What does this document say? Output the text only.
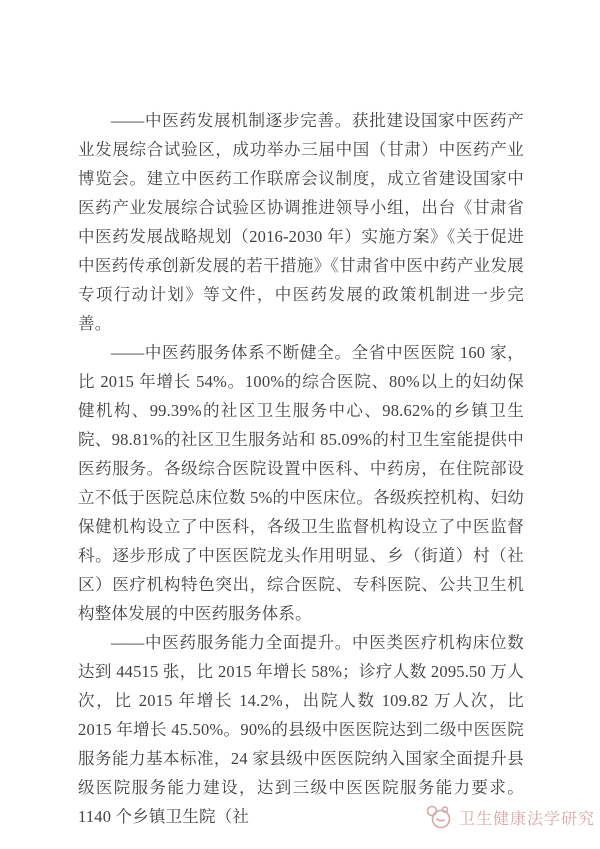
——中医药发展机制逐步完善。获批建设国家中医药产业发展综合试验区，成功举办三届中国（甘肃）中医药产业博览会。建立中医药工作联席会议制度，成立省建设国家中医药产业发展综合试验区协调推进领导小组，出台《甘肃省中医药发展战略规划（2016-2030 年）实施方案》《关于促进中医药传承创新发展的若干措施》《甘肃省中医中药产业发展专项行动计划》等文件，中医药发展的政策机制进一步完善。

——中医药服务体系不断健全。全省中医医院 160 家，比 2015 年增长 54%。100%的综合医院、80%以上的妇幼保健机构、99.39%的社区卫生服务中心、98.62%的乡镇卫生院、98.81%的社区卫生服务站和 85.09%的村卫生室能提供中医药服务。各级综合医院设置中医科、中药房，在住院部设立不低于医院总床位数 5%的中医床位。各级疾控机构、妇幼保健机构设立了中医科，各级卫生监督机构设立了中医监督科。逐步形成了中医医院龙头作用明显、乡（街道）村（社区）医疗机构特色突出，综合医院、专科医院、公共卫生机构整体发展的中医药服务体系。

——中医药服务能力全面提升。中医类医疗机构床位数达到 44515 张，比 2015 年增长 58%；诊疗人数 2095.50 万人次，比 2015 年增长 14.2%，出院人数 109.82 万人次，比 2015 年增长 45.50%。90%的县级中医医院达到二级中医医院服务能力基本标准，24 家县级中医医院纳入国家全面提升县级医院服务能力建设，达到三级中医医院服务能力要求。1140 个乡镇卫生院（社	卫生健康法学研究
